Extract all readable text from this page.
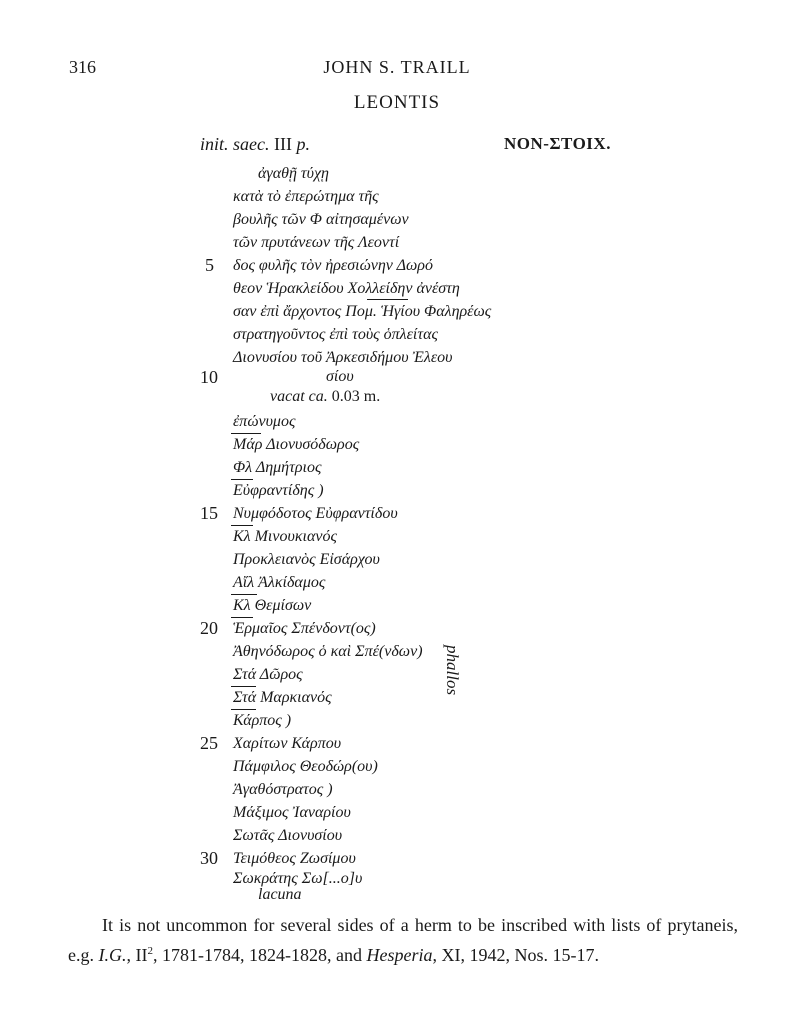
316	JOHN S. TRAILL
LEONTIS
init. saec. III p.	NON-ΣΤΟΙΧ.
ἀγαθῇ τύχῃ
κατὰ τὸ ἐπερώτημα τῆς
βουλῆς τῶν Φ αἰτησαμένων
τῶν πρυτάνεων τῆς Λεοντί
δος φυλῆς τὸν ἠρεσιώνην Δωρό
θεον Ἡρακλείδου Χολλείδην ἀνέστη
σαν ἐπὶ ἄρχοντος Πομ. Ἡγίου Φαληρέως
στρατηγοῦντος ἐπὶ τοὺς ὁπλείτας
Διονυσίου τοῦ Ἀρκεσιδήμου Ἐλεου
σίου
vacat ca. 0.03 m.
ἐπώνυμος
Μάρ Διονυσόδωρος
Φλ Δημήτριος
Εὐφραντίδης )
Νυμφόδοτος Εὐφραντίδου
Κλ Μινουκιανός
Προκλειανὸς Εἰσάρχου
Αἴλ Ἀλκίδαμος
Κλ Θεμίσων
Ἑρμαῖος Σπένδοντ(ος)
Ἀθηνόδωρος ὁ καὶ Σπέ(νδων)
Στά Δῶρος
Στά Μαρκιανός
Κάρπος )
Χαρίτων Κάρπου
Πάμφιλος Θεοδώρ(ου)
Ἀγαθόστρατος )
Μάξιμος Ἰαναρίου
Σωτᾶς Διονυσίου
Τειμόθεος Ζωσίμου
Σωκράτης Σω[...ο]υ
lacuna
5
10
15
20
25
30
phallos
It is not uncommon for several sides of a herm to be inscribed with lists of prytaneis, e.g. I.G., $II^2$, 1781-1784, 1824-1828, and Hesperia, XI, 1942, Nos. 15-17.
